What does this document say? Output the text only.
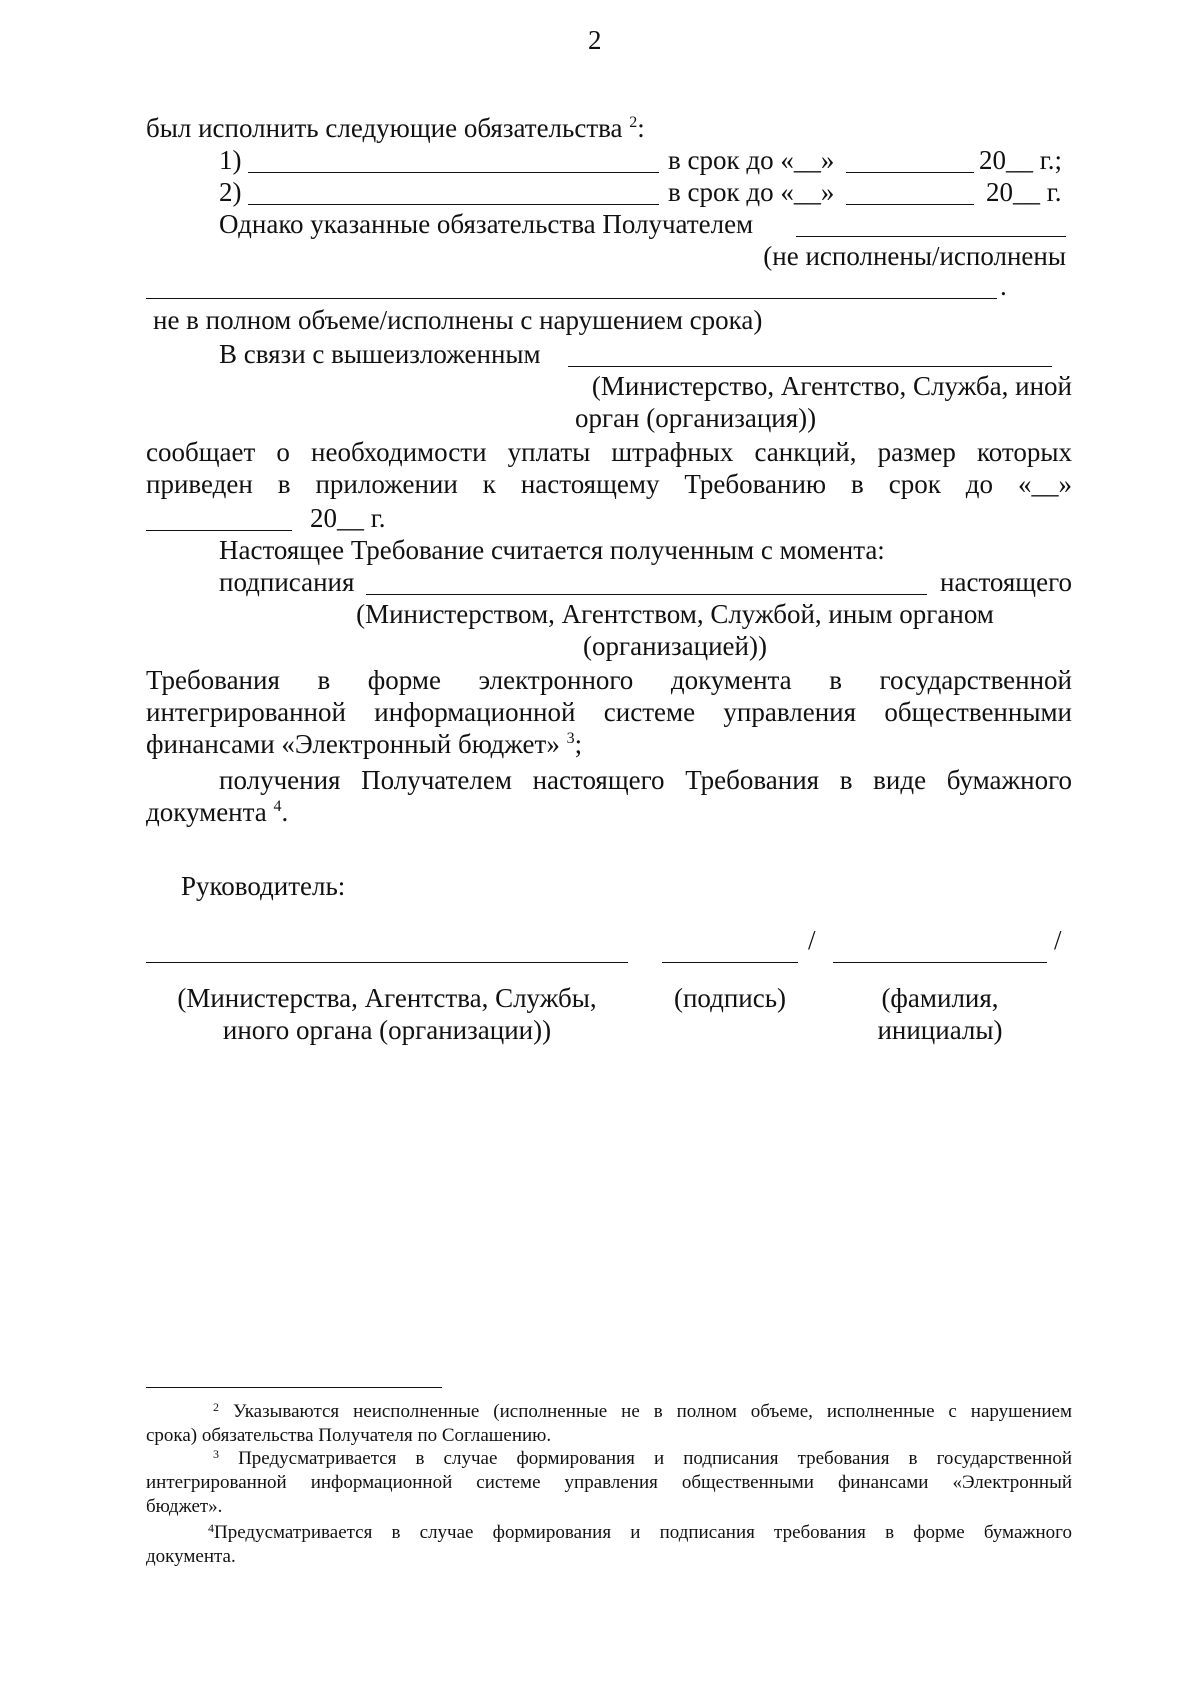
2
был исполнить следующие обязательства $^2$:
1)	в срок до «__»	20__ г.;
2)	в срок до «__»	20__ г.
Однако указанные обязательства Получателем
(не исполнены/исполнены
.
не в полном объеме/исполнены с нарушением срока)
В связи с вышеизложенным
(Министерство, Агентство, Служба, иной
орган (организация))
сообщает о необходимости уплаты штрафных санкций, размер которых
приведен в приложении к настоящему Требованию в срок до «__»
20__ г.
Настоящее Требование считается полученным с момента:
подписания	настоящего
(Министерством, Агентством, Службой, иным органом
(организацией))
Требования в форме электронного документа в государственной
интегрированной информационной системе управления общественными
финансами «Электронный бюджет» $^3$;
получения Получателем настоящего Требования в виде бумажного
документа $^4$.
Руководитель:
/	/
(Министерства, Агентства, Службы,
иного органа (организации))
(подпись)	(фамилия,
инициалы)
$^2$ Указываются неисполненные (исполненные не в полном объеме, исполненные с нарушением
срока) обязательства Получателя по Соглашению.
$^3$ Предусматривается в случае формирования и подписания требования в государственной
интегрированной информационной системе управления общественными финансами «Электронный
бюджет».
$^4$Предусматривается в случае формирования и подписания требования в форме бумажного
документа.
